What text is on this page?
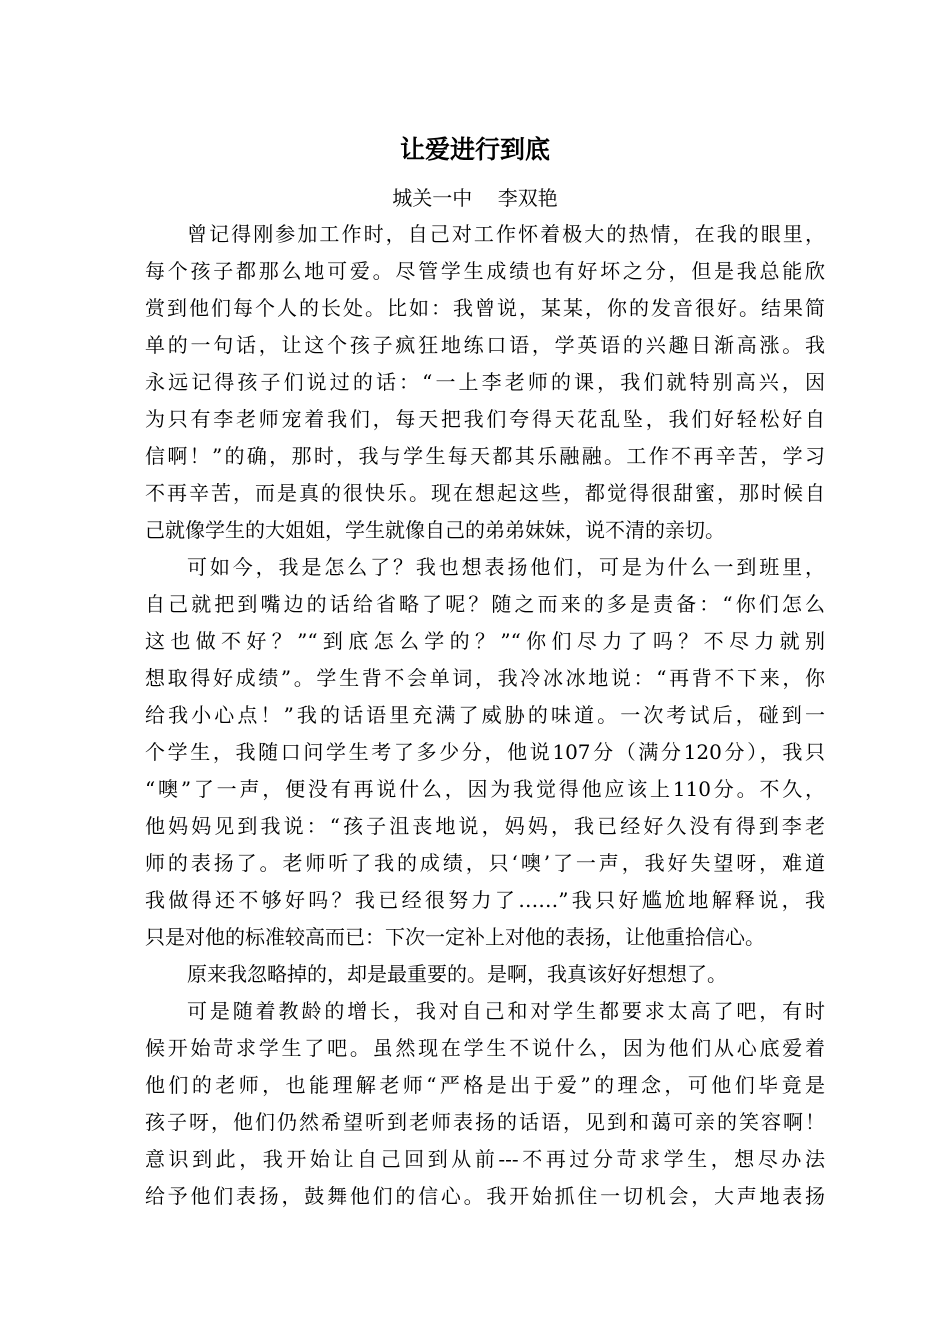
让爱进行到底
城关一中    李双艳
曾记得刚参加工作时，自己对工作怀着极大的热情，在我的眼里，
每个孩子都那么地可爱。尽管学生成绩也有好坏之分，但是我总能欣
赏到他们每个人的长处。比如：我曾说，某某，你的发音很好。结果简
单的一句话，让这个孩子疯狂地练口语，学英语的兴趣日渐高涨。我
永远记得孩子们说过的话：“一上李老师的课，我们就特别高兴，因
为只有李老师宠着我们，每天把我们夸得天花乱坠，我们好轻松好自
信啊！”的确，那时，我与学生每天都其乐融融。工作不再辛苦，学习
不再辛苦，而是真的很快乐。现在想起这些，都觉得很甜蜜，那时候自
己就像学生的大姐姐，学生就像自己的弟弟妹妹，说不清的亲切。
可如今，我是怎么了？我也想表扬他们，可是为什么一到班里，
自己就把到嘴边的话给省略了呢？随之而来的多是责备：“你们怎么
这也做不好？”“到底怎么学的？”“你们尽力了吗？不尽力就别
想取得好成绩”。学生背不会单词，我冷冰冰地说：“再背不下来，你
给我小心点！”我的话语里充满了威胁的味道。一次考试后，碰到一
个学生，我随口问学生考了多少分，他说107分（满分120分），我只
“噢”了一声，便没有再说什么，因为我觉得他应该上110分。不久，
他妈妈见到我说：“孩子沮丧地说，妈妈，我已经好久没有得到李老
师的表扬了。老师听了我的成绩，只‘噢’了一声，我好失望呀，难道
我做得还不够好吗？我已经很努力了……”我只好尴尬地解释说，我
只是对他的标准较高而已：下次一定补上对他的表扬，让他重拾信心。
原来我忽略掉的，却是最重要的。是啊，我真该好好想想了。
可是随着教龄的增长，我对自己和对学生都要求太高了吧，有时
候开始苛求学生了吧。虽然现在学生不说什么，因为他们从心底爱着
他们的老师，也能理解老师“严格是出于爱”的理念，可他们毕竟是
孩子呀，他们仍然希望听到老师表扬的话语，见到和蔼可亲的笑容啊！
意识到此，我开始让自己回到从前---不再过分苛求学生，想尽办法
给予他们表扬，鼓舞他们的信心。我开始抓住一切机会，大声地表扬
